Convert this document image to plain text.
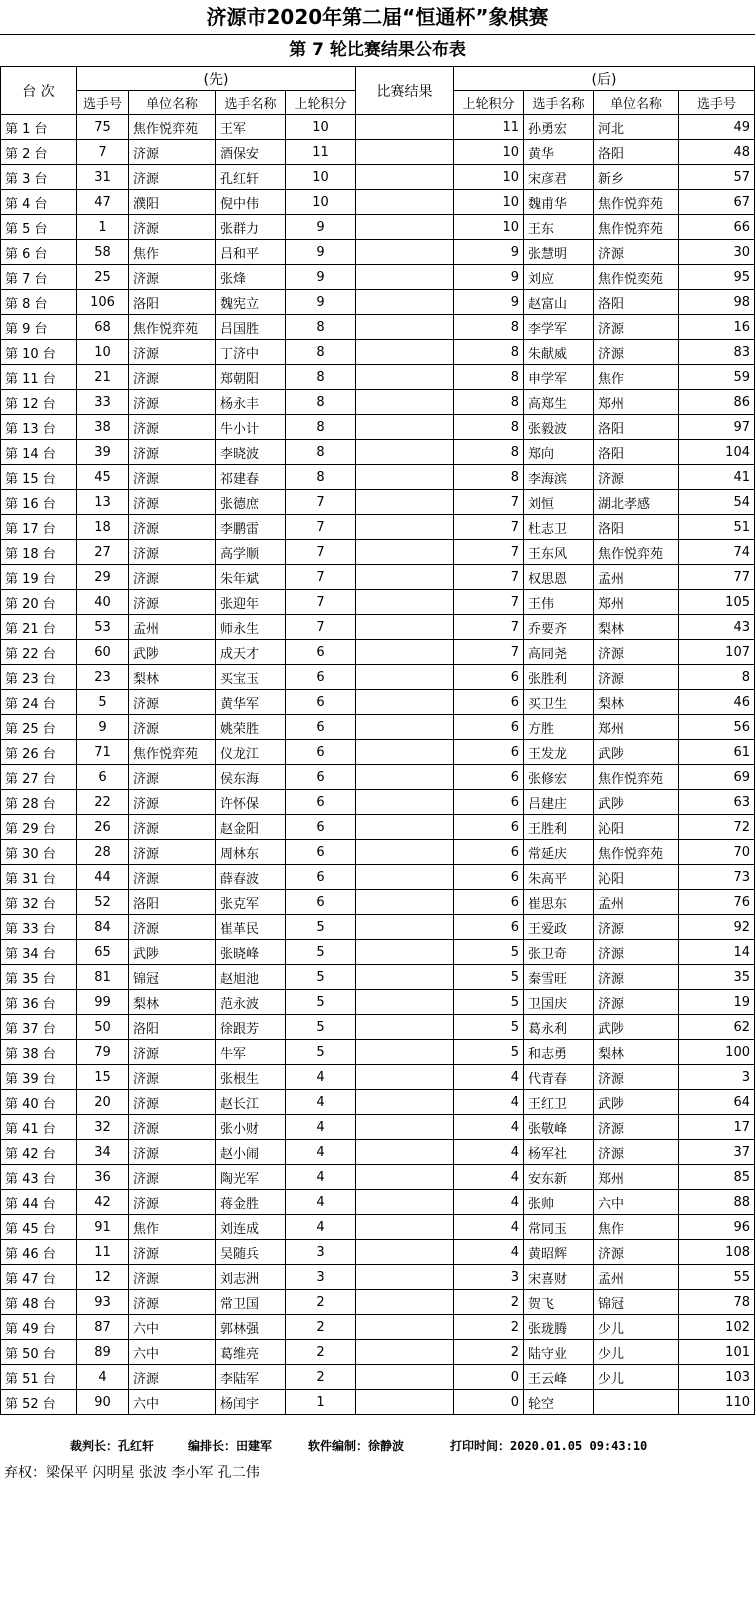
济源市2020年第二届“恒通杯”象棋赛
第 7 轮比赛结果公布表
台 次	(先)				比赛结果	(后)			
	选手号	单位名称	选手名称	上轮积分		上轮积分	选手名称	单位名称	选手号
第 1 台	75	焦作悦弈苑	王军	10		11	孙勇宏	河北	49
第 2 台	7	济源	酒保安	11		10	黄华	洛阳	48
第 3 台	31	济源	孔红轩	10		10	宋彦君	新乡	57
第 4 台	47	濮阳	倪中伟	10		10	魏甫华	焦作悦弈苑	67
第 5 台	1	济源	张群力	9		10	王东	焦作悦弈苑	66
第 6 台	58	焦作	吕和平	9		9	张慧明	济源	30
第 7 台	25	济源	张烽	9		9	刘应	焦作悦奕苑	95
第 8 台	106	洛阳	魏宪立	9		9	赵富山	洛阳	98
第 9 台	68	焦作悦弈苑	吕国胜	8		8	李学军	济源	16
第 10 台	10	济源	丁济中	8		8	朱献威	济源	83
第 11 台	21	济源	郑朝阳	8		8	申学军	焦作	59
第 12 台	33	济源	杨永丰	8		8	高郑生	郑州	86
第 13 台	38	济源	牛小计	8		8	张毅波	洛阳	97
第 14 台	39	济源	李晓波	8		8	郑向	洛阳	104
第 15 台	45	济源	祁建春	8		8	李海滨	济源	41
第 16 台	13	济源	张德庶	7		7	刘恒	湖北孝感	54
第 17 台	18	济源	李鹏雷	7		7	杜志卫	洛阳	51
第 18 台	27	济源	高学顺	7		7	王东风	焦作悦弈苑	74
第 19 台	29	济源	朱年斌	7		7	权思恩	孟州	77
第 20 台	40	济源	张迎年	7		7	王伟	郑州	105
第 21 台	53	孟州	师永生	7		7	乔要齐	梨林	43
第 22 台	60	武陟	成天才	6		7	高同尧	济源	107
第 23 台	23	梨林	买宝玉	6		6	张胜利	济源	8
第 24 台	5	济源	黄华军	6		6	买卫生	梨林	46
第 25 台	9	济源	姚荣胜	6		6	方胜	郑州	56
第 26 台	71	焦作悦弈苑	仪龙江	6		6	王发龙	武陟	61
第 27 台	6	济源	侯东海	6		6	张修宏	焦作悦弈苑	69
第 28 台	22	济源	许怀保	6		6	吕建庄	武陟	63
第 29 台	26	济源	赵金阳	6		6	王胜利	沁阳	72
第 30 台	28	济源	周林东	6		6	常延庆	焦作悦弈苑	70
第 31 台	44	济源	薛春波	6		6	朱高平	沁阳	73
第 32 台	52	洛阳	张克军	6		6	崔思东	孟州	76
第 33 台	84	济源	崔革民	5		6	王爱政	济源	92
第 34 台	65	武陟	张晓峰	5		5	张卫奇	济源	14
第 35 台	81	锦冠	赵旭池	5		5	秦雪旺	济源	35
第 36 台	99	梨林	范永波	5		5	卫国庆	济源	19
第 37 台	50	洛阳	徐跟芳	5		5	葛永利	武陟	62
第 38 台	79	济源	牛军	5		5	和志勇	梨林	100
第 39 台	15	济源	张根生	4		4	代青春	济源	3
第 40 台	20	济源	赵长江	4		4	王红卫	武陟	64
第 41 台	32	济源	张小财	4		4	张敬峰	济源	17
第 42 台	34	济源	赵小闹	4		4	杨军社	济源	37
第 43 台	36	济源	陶光军	4		4	安东新	郑州	85
第 44 台	42	济源	蒋金胜	4		4	张帅	六中	88
第 45 台	91	焦作	刘连成	4		4	常同玉	焦作	96
第 46 台	11	济源	吴随兵	3		4	黄昭辉	济源	108
第 47 台	12	济源	刘志洲	3		3	宋喜财	孟州	55
第 48 台	93	济源	常卫国	2		2	贺飞	锦冠	78
第 49 台	87	六中	郭林强	2		2	张珑腾	少儿	102
第 50 台	89	六中	葛维亮	2		2	陆守业	少儿	101
第 51 台	4	济源	李陆军	2		0	王云峰	少儿	103
第 52 台	90	六中	杨闰宇	1		0	轮空		110
裁判长：孔红轩	编排长：田建军	软件编制：徐静波	打印时间：2020.01.05 09:43:10
弃权：梁保平 闪明星 张波 李小军 孔二伟
